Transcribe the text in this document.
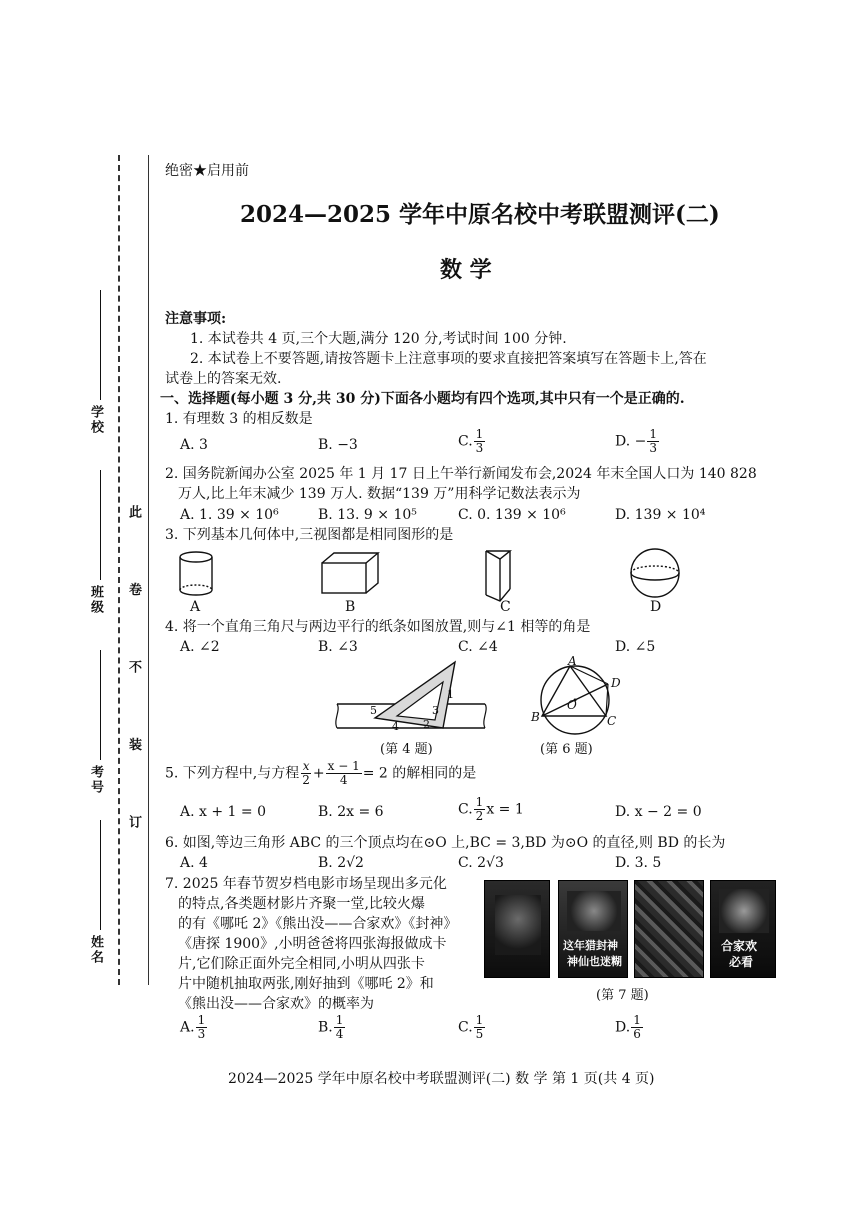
学校
班级
考号
姓名
此 卷 不 装 订
绝密★启用前
2024—2025 学年中原名校中考联盟测评(二)
数 学
注意事项:
1. 本试卷共 4 页,三个大题,满分 120 分,考试时间 100 分钟.
2. 本试卷上不要答题,请按答题卡上注意事项的要求直接把答案填写在答题卡上,答在
试卷上的答案无效.
一、选择题(每小题 3 分,共 30 分)下面各小题均有四个选项,其中只有一个是正确的.
1. 有理数 3 的相反数是
A. 3	B. −3	C. $\frac{1}{3}$	D. − $\frac{1}{3}$
2. 国务院新闻办公室 2025 年 1 月 17 日上午举行新闻发布会,2024 年末全国人口为 140 828
万人,比上年末减少 139 万人. 数据“139 万”用科学记数法表示为
A. 1. 39 × 10⁶	B. 13. 9 × 10⁵	C. 0. 139 × 10⁶	D. 139 × 10⁴
3. 下列基本几何体中,三视图都是相同图形的是
A	B	C	D
4. 将一个直角三角尺与两边平行的纸条如图放置,则与∠1 相等的角是
A. ∠2	B. ∠3	C. ∠4	D. ∠5
1
2
3
4
5
(第 4 题)
A
B	C
D
O
(第 6 题)
5. 下列方程中,与方程 $\frac{x}{2} + \frac{x - 1}{4} = 2$ 的解相同的是
A. x + 1 = 0	B. 2x = 6	C. $\frac{1}{2}$ x = 1	D. x − 2 = 0
6. 如图,等边三角形 ABC 的三个顶点均在⊙O 上,BC = 3,BD 为⊙O 的直径,则 BD 的长为
A. 4	B. 2√2	C. 2√3	D. 3. 5
7. 2025 年春节贺岁档电影市场呈现出多元化
的特点,各类题材影片齐聚一堂,比较火爆
的有《哪吒 2》《熊出没——合家欢》《封神》
《唐探 1900》,小明爸爸将四张海报做成卡
片,它们除正面外完全相同,小明从四张卡
片中随机抽取两张,刚好抽到《哪吒 2》和
《熊出没——合家欢》的概率为
这年猎封神
神仙也迷糊
合家欢
必看
(第 7 题)
A. $\frac{1}{3}$	B. $\frac{1}{4}$	C. $\frac{1}{5}$	D. $\frac{1}{6}$
2024—2025 学年中原名校中考联盟测评(二) 数 学 第 1 页(共 4 页)
